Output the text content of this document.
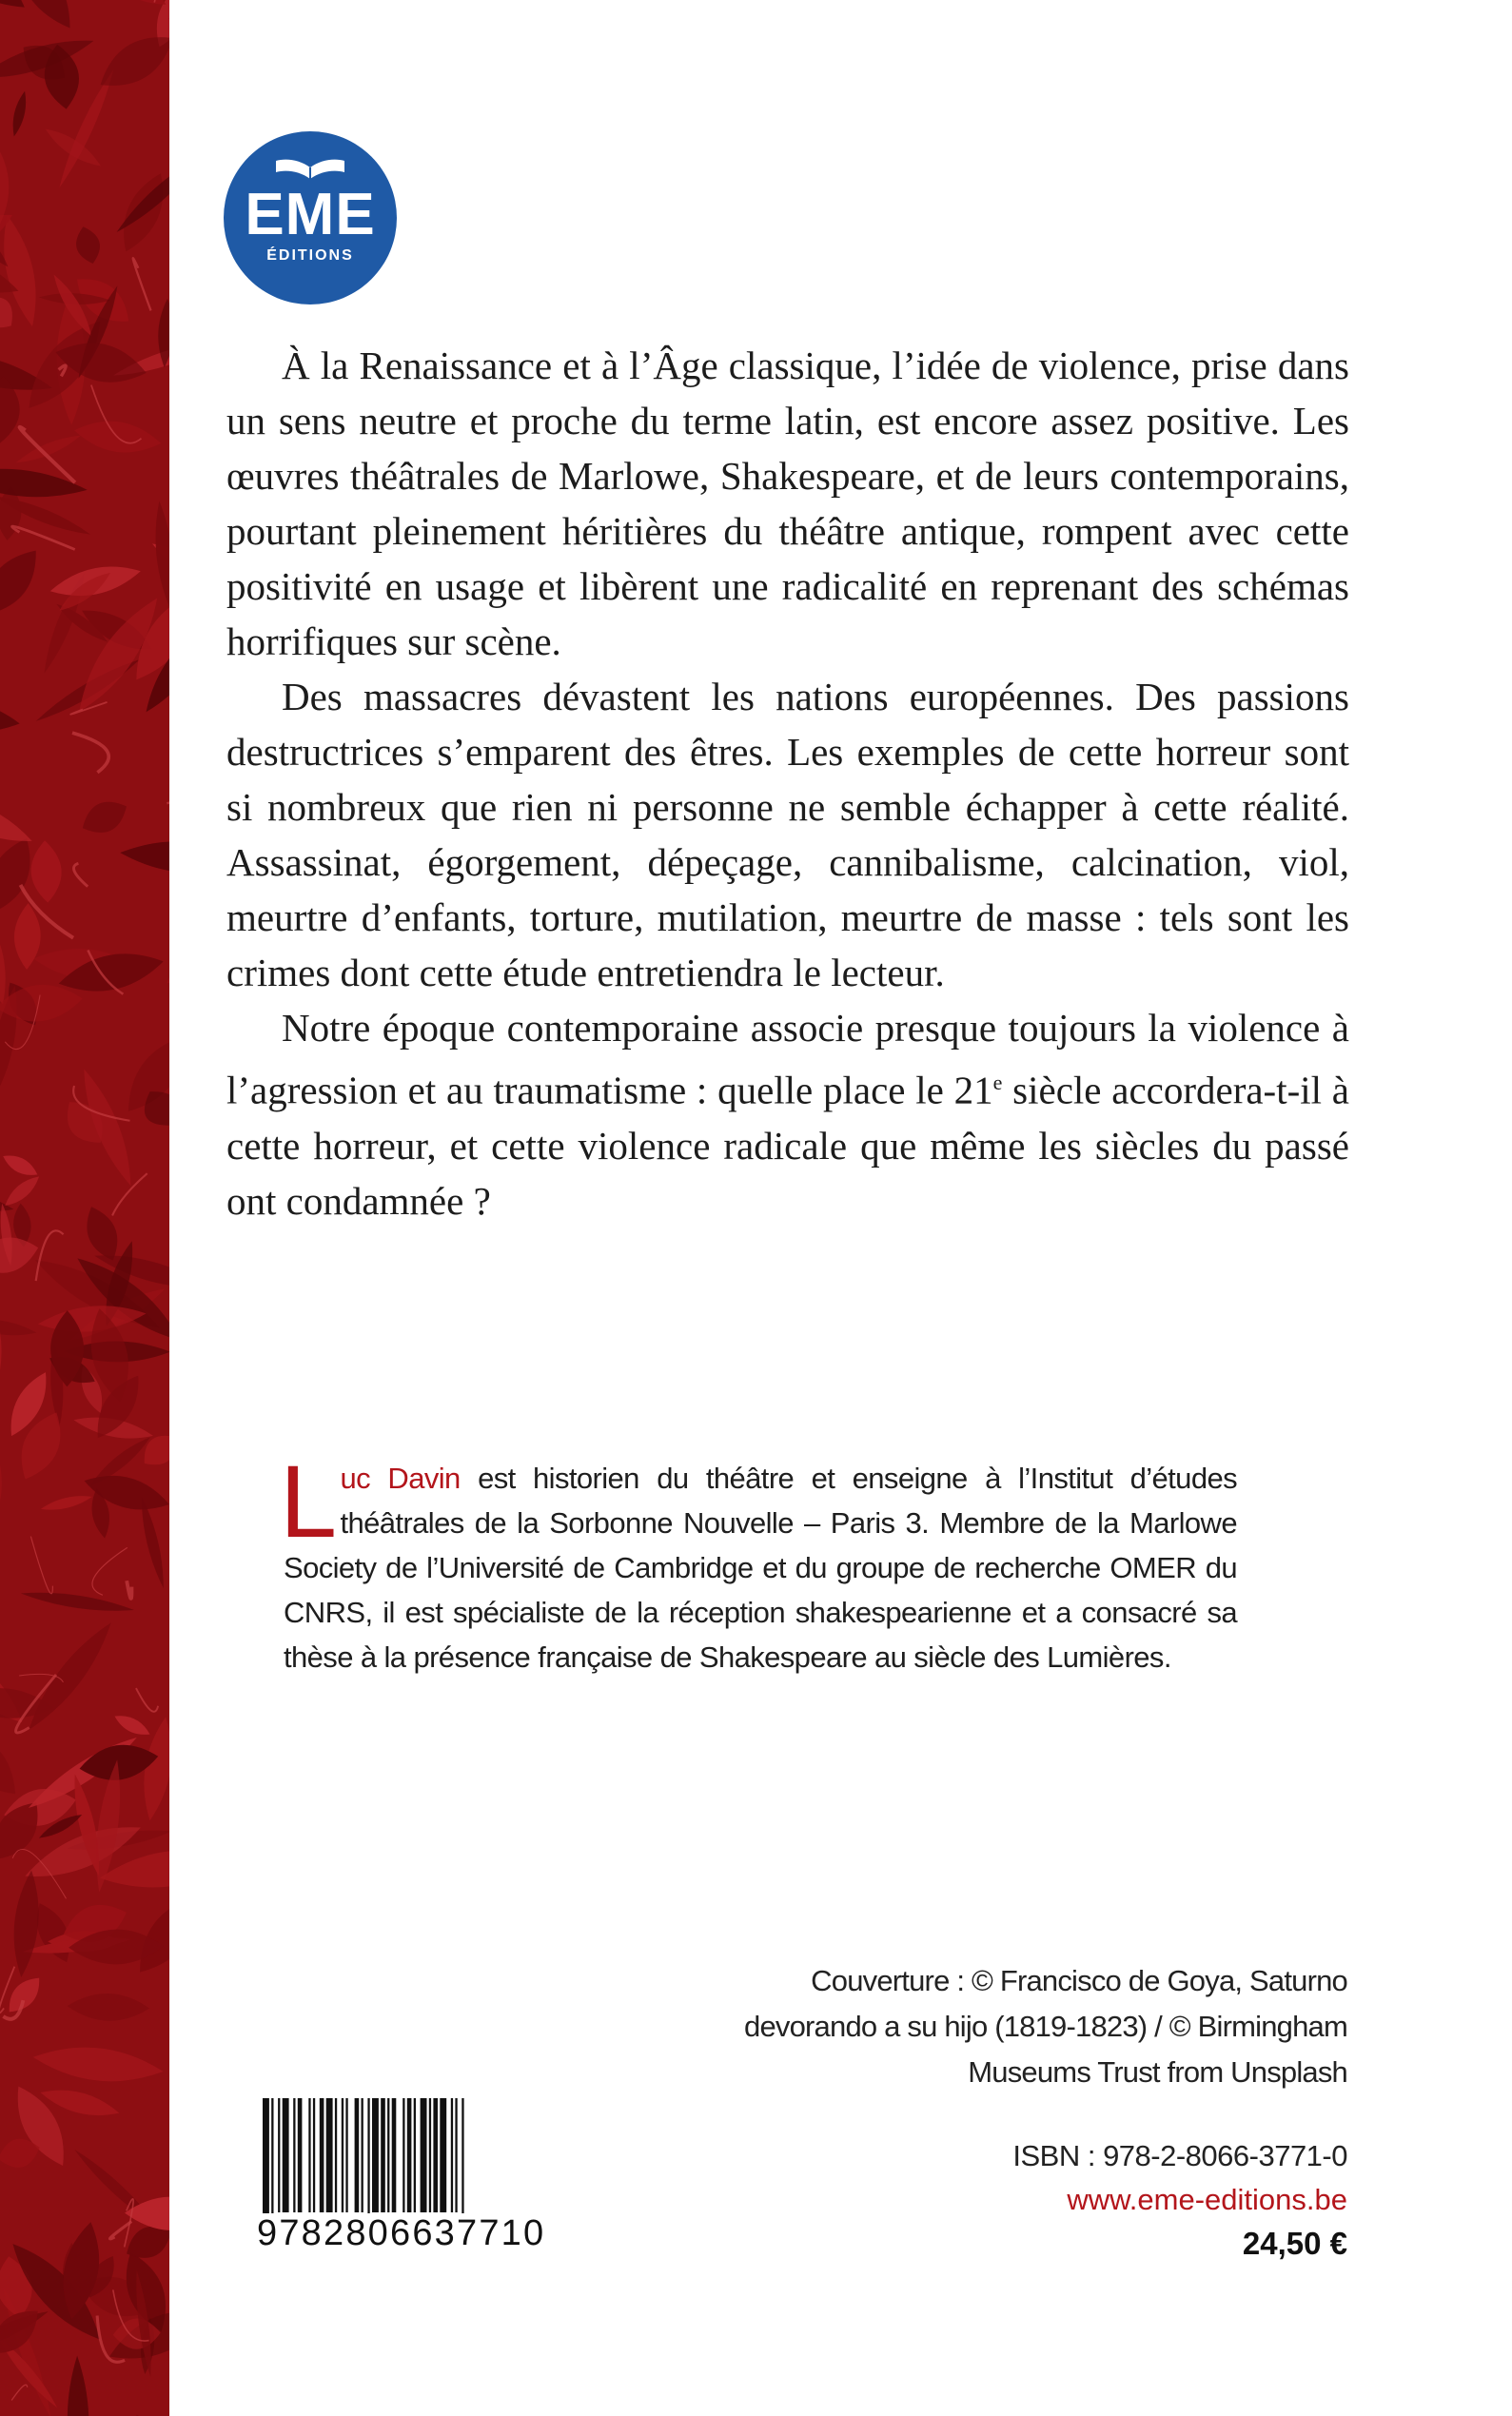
EME
ÉDITIONS

À la Renaissance et à l’Âge classique, l’idée de violence, prise dans un sens neutre et proche du terme latin, est encore assez positive. Les œuvres théâtrales de Marlowe, Shakespeare, et de leurs contemporains, pourtant pleinement héritières du théâtre antique, rompent avec cette positivité en usage et libèrent une radicalité en reprenant des schémas horrifiques sur scène.

Des massacres dévastent les nations européennes. Des passions destructrices s’emparent des êtres. Les exemples de cette horreur sont si nombreux que rien ni personne ne semble échapper à cette réalité. Assassinat, égorgement, dépeçage, cannibalisme, calcination, viol, meurtre d’enfants, torture, mutilation, meurtre de masse : tels sont les crimes dont cette étude entretiendra le lecteur.

Notre époque contemporaine associe presque toujours la violence à l’agression et au traumatisme : quelle place le 21e siècle accordera-t-il à cette horreur, et cette violence radicale que même les siècles du passé ont condamnée ?

Luc Davin est historien du théâtre et enseigne à l’Institut d’études théâtrales de la Sorbonne Nouvelle – Paris 3. Membre de la Marlowe Society de l’Université de Cambridge et du groupe de recherche OMER du CNRS, il est spécialiste de la réception shakespearienne et a consacré sa thèse à la présence française de Shakespeare au siècle des Lumières.
Couverture : © Francisco de Goya, Saturno
devorando a su hijo (1819-1823) / © Birmingham
Museums Trust from Unsplash
9782806637710
ISBN : 978-2-8066-3771-0
www.eme-editions.be
24,50 €
